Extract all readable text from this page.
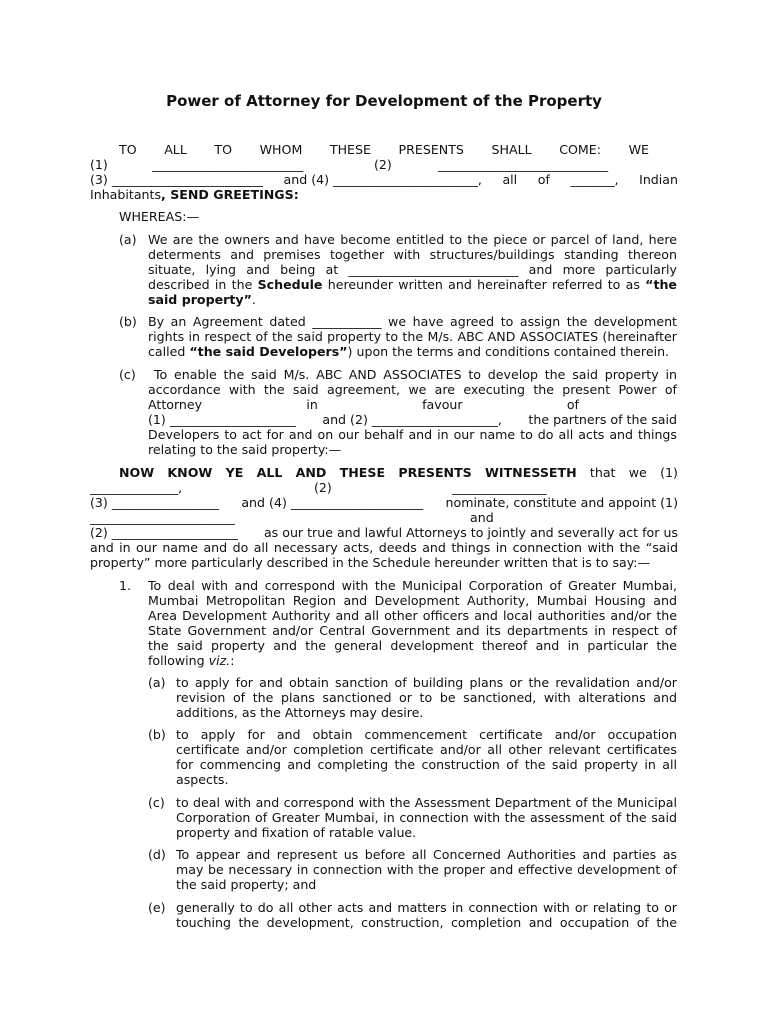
Power of Attorney for Development of the Property
TO ALL TO WHOM THESE PRESENTS SHALL COME: WE
(1)	________________________	(2)	___________________________
(3) ________________________ and (4) _______________________, all of _______, Indian
Inhabitants, SEND GREETINGS:
WHEREAS:—
(a) We are the owners and have become entitled to the piece or parcel of land, here determents and premises together with structures/buildings standing thereon situate, lying and being at ___________________________ and more particularly described in the Schedule hereunder written and hereinafter referred to as “the said property”.
(b) By an Agreement dated ___________ we have agreed to assign the development rights in respect of the said property to the M/s. ABC AND ASSOCIATES (hereinafter called “the said Developers”) upon the terms and conditions contained therein.
(c)	To enable the said M/s. ABC AND ASSOCIATES to develop the said property in accordance with the said agreement, we are executing the present Power of
Attorney	in	favour	of
(1) ____________________ and (2) ____________________, the partners of the said
Developers to act for and on our behalf and in our name to do all acts and things relating to the said property:—
NOW KNOW YE ALL AND THESE PRESENTS WITNESSETH that we (1)
______________,	(2)	_______________
(3) _________________ and (4) _____________________ nominate, constitute and appoint (1)
_______________________	and
(2) ____________________ as our true and lawful Attorneys to jointly and severally act for us
and in our name and do all necessary acts, deeds and things in connection with the “said property” more particularly described in the Schedule hereunder written that is to say:—
1. To deal with and correspond with the Municipal Corporation of Greater Mumbai, Mumbai Metropolitan Region and Development Authority, Mumbai Housing and Area Development Authority and all other officers and local authorities and/or the State Government and/or Central Government and its departments in respect of the said property and the general development thereof and in particular the following viz.:
(a) to apply for and obtain sanction of building plans or the revalidation and/or revision of the plans sanctioned or to be sanctioned, with alterations and additions, as the Attorneys may desire.
(b) to apply for and obtain commencement certificate and/or occupation certificate and/or completion certificate and/or all other relevant certificates for commencing and completing the construction of the said property in all aspects.
(c) to deal with and correspond with the Assessment Department of the Municipal Corporation of Greater Mumbai, in connection with the assessment of the said property and fixation of ratable value.
(d) To appear and represent us before all Concerned Authorities and parties as may be necessary in connection with the proper and effective development of the said property; and
(e) generally to do all other acts and matters in connection with or relating to or touching the development, construction, completion and occupation of the
